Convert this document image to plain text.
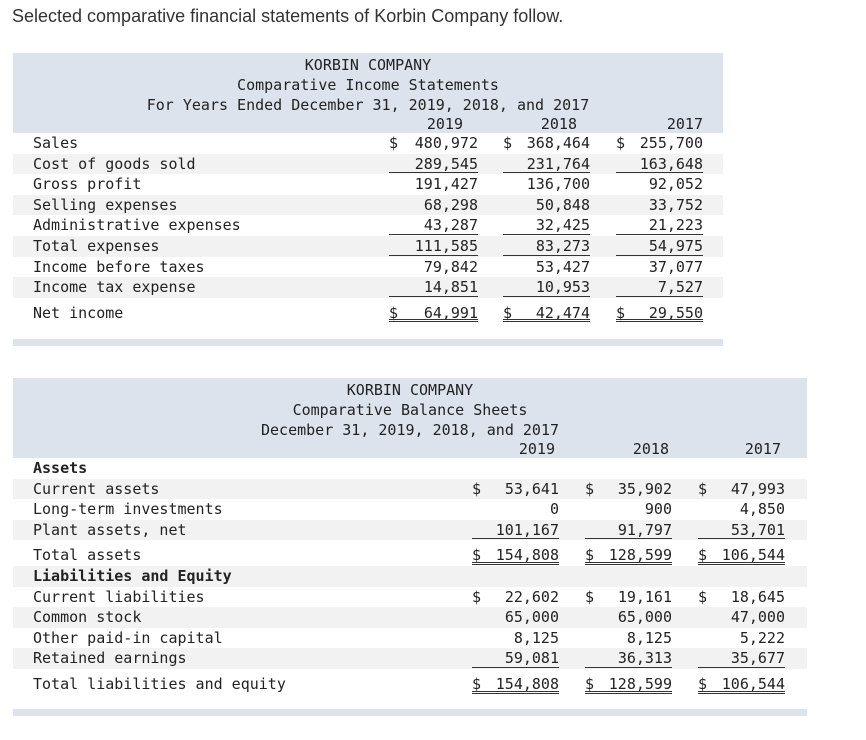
Selected comparative financial statements of Korbin Company follow.
KORBIN COMPANY
Comparative Income Statements
For Years Ended December 31, 2019, 2018, and 2017
2019	2018	2017
Sales	$ 480,972 $ 368,464 $ 255,700
Cost of goods sold	289,545	231,764	163,648
Gross profit	191,427	136,700	92,052
Selling expenses	68,298	50,848	33,752
Administrative expenses	43,287	32,425	21,223
Total expenses	111,585	83,273	54,975
Income before taxes	79,842	53,427	37,077
Income tax expense	14,851	10,953	7,527
Net income	$ 64,991 $ 42,474 $ 29,550
KORBIN COMPANY
Comparative Balance Sheets
December 31, 2019, 2018, and 2017
2019	2018	2017
Assets
Current assets	$ 53,641 $ 35,902 $ 47,993
Long-term investments	0	900	4,850
Plant assets, net	101,167	91,797	53,701
Total assets	$ 154,808 $ 128,599 $ 106,544
Liabilities and Equity
Current liabilities	$ 22,602 $ 19,161 $ 18,645
Common stock	65,000	65,000	47,000
Other paid-in capital	8,125	8,125	5,222
Retained earnings	59,081	36,313	35,677
Total liabilities and equity	$ 154,808 $ 128,599 $ 106,544
